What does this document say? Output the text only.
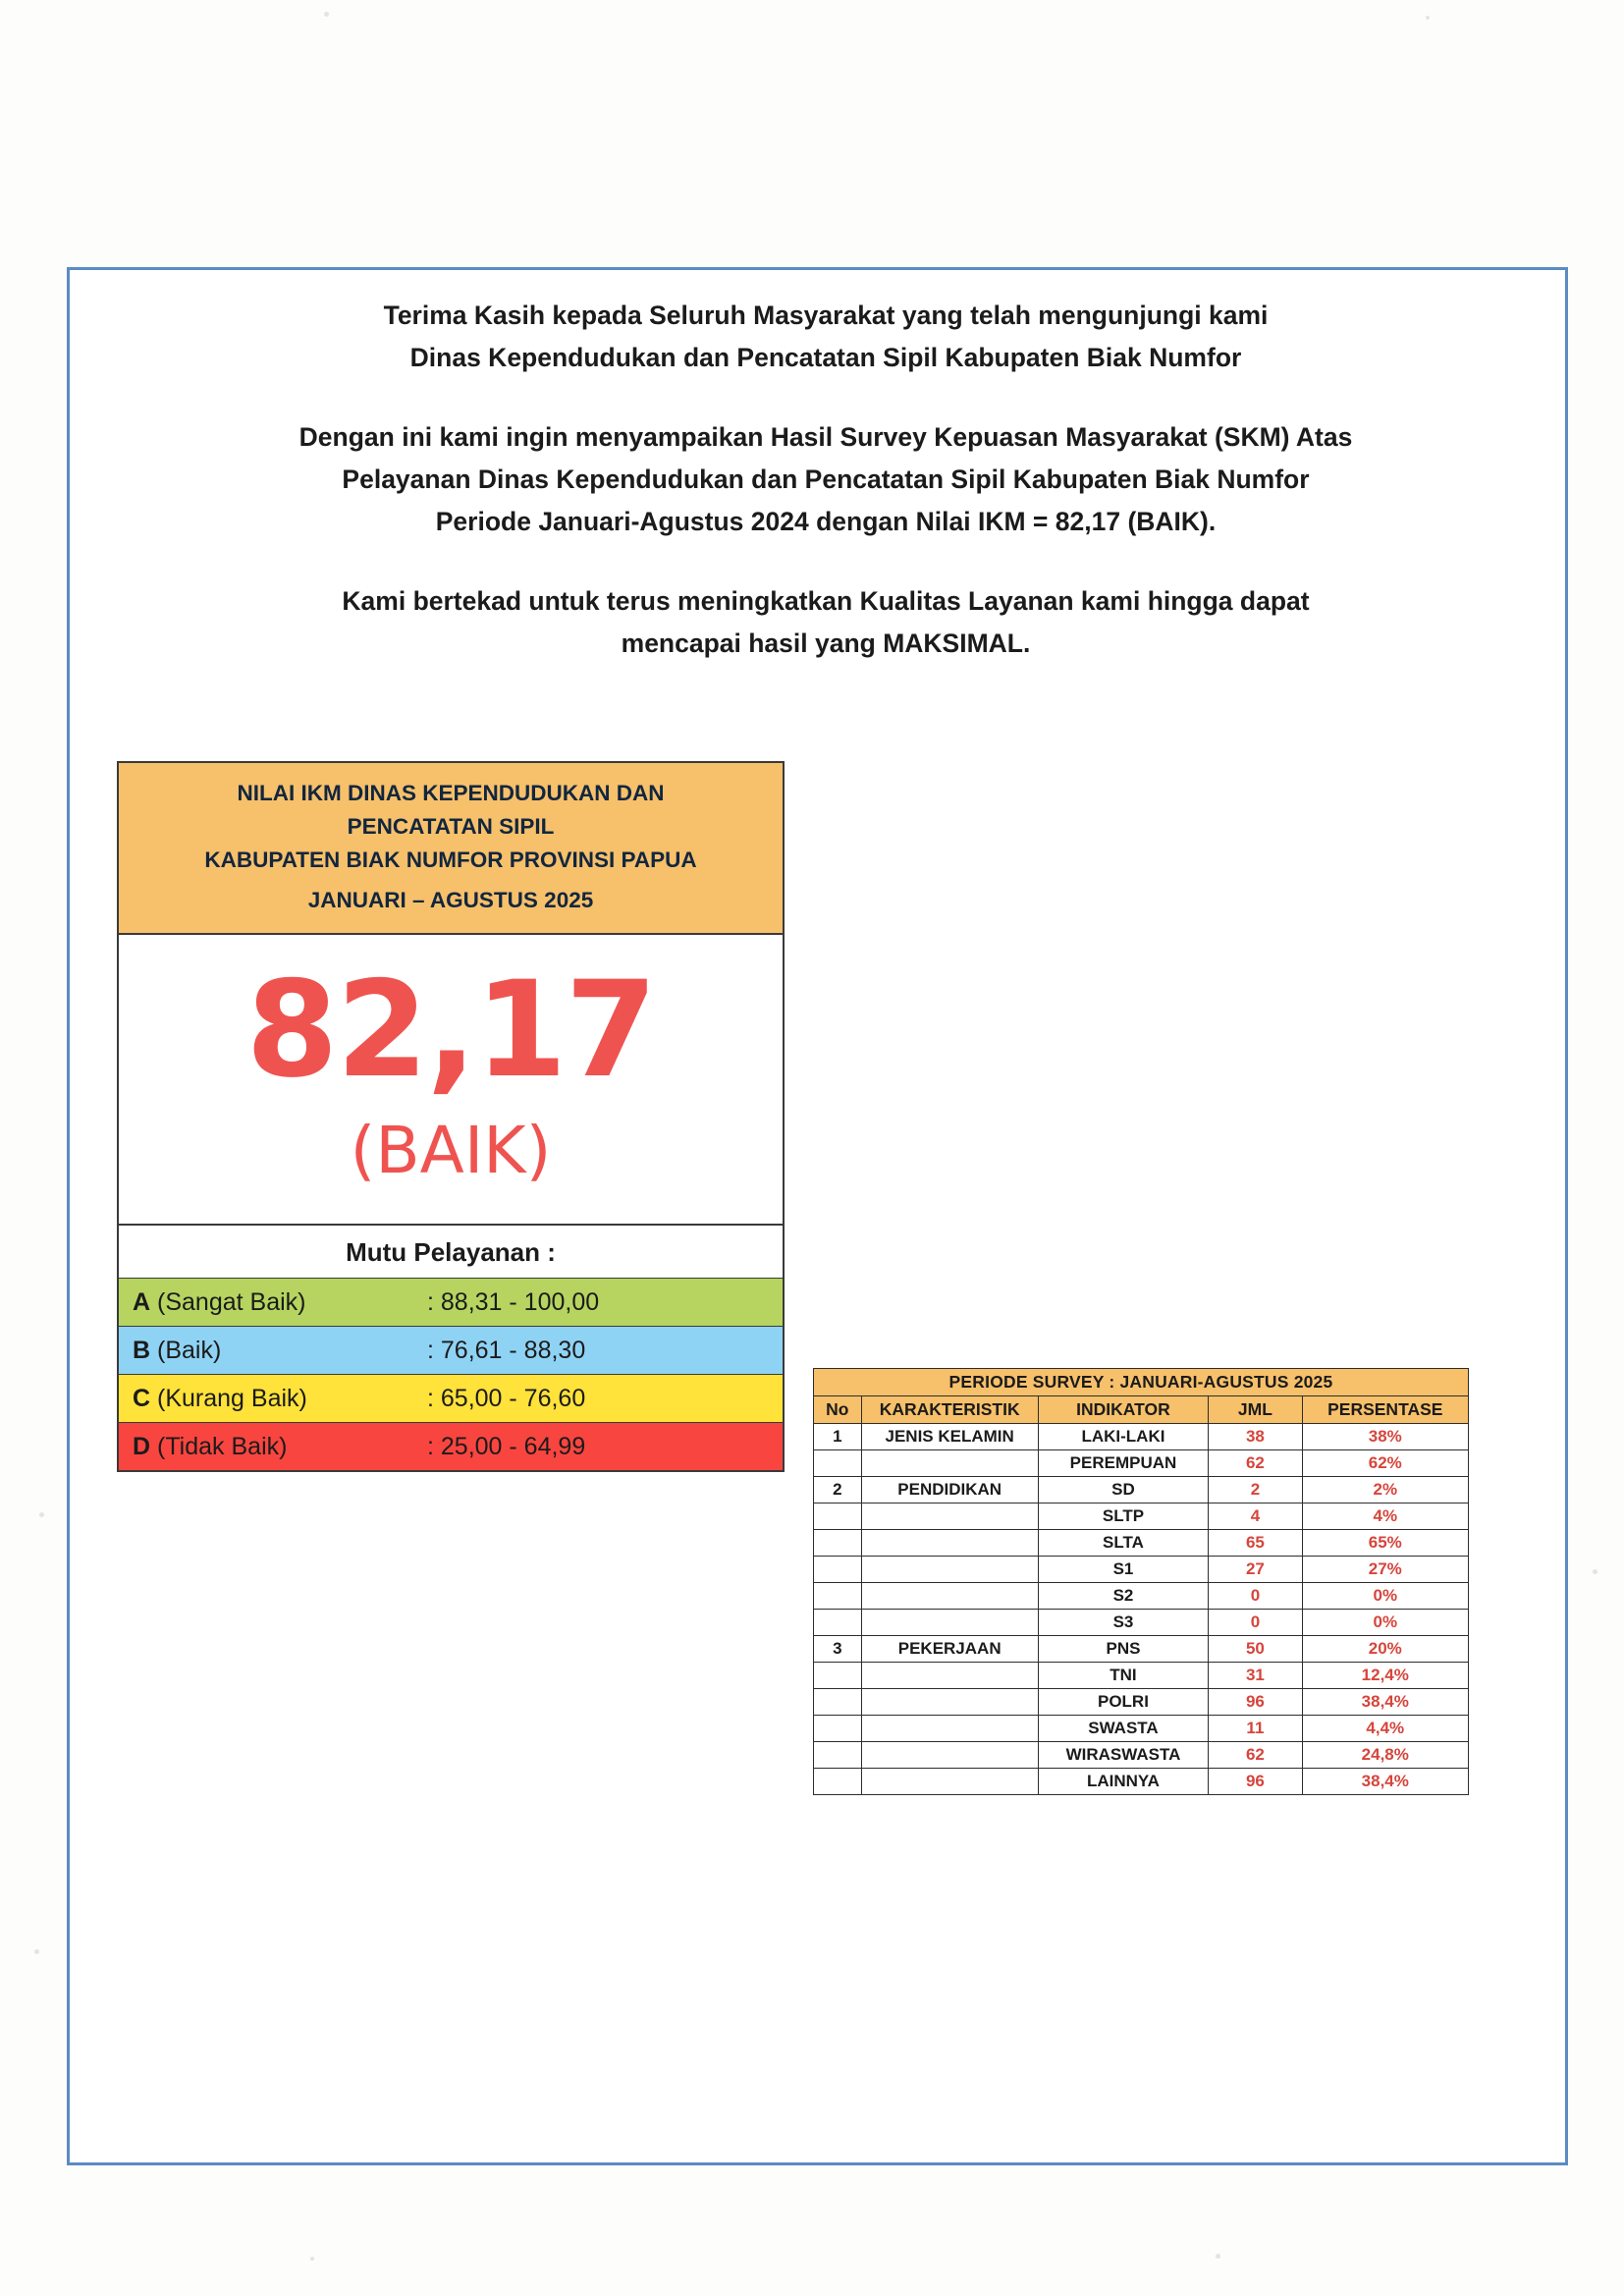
Terima Kasih kepada Seluruh Masyarakat yang telah mengunjungi kami

Dinas Kependudukan dan Pencatatan Sipil Kabupaten Biak Numfor

Dengan ini kami ingin menyampaikan Hasil Survey Kepuasan Masyarakat (SKM) Atas

Pelayanan Dinas Kependudukan dan Pencatatan Sipil Kabupaten Biak Numfor

Periode Januari-Agustus 2024 dengan Nilai IKM = 82,17 (BAIK).

Kami bertekad untuk terus meningkatkan Kualitas Layanan kami hingga dapat

mencapai hasil yang MAKSIMAL.

NILAI IKM DINAS KEPENDUDUKAN DAN
PENCATATAN SIPIL
KABUPATEN BIAK NUMFOR PROVINSI PAPUA
JANUARI – AGUSTUS 2025
82,17
(BAIK)
Mutu Pelayanan :
A (Sangat Baik)	: 88,31 - 100,00
B (Baik)	: 76,61 - 88,30
C (Kurang Baik)	: 65,00 - 76,60
D (Tidak Baik)	: 25,00 - 64,99
PERIODE SURVEY : JANUARI-AGUSTUS 2025				
No	KARAKTERISTIK	INDIKATOR	JML	PERSENTASE
1	JENIS KELAMIN	LAKI-LAKI	38	38%
		PEREMPUAN	62	62%
2	PENDIDIKAN	SD	2	2%
		SLTP	4	4%
		SLTA	65	65%
		S1	27	27%
		S2	0	0%
		S3	0	0%
3	PEKERJAAN	PNS	50	20%
		TNI	31	12,4%
		POLRI	96	38,4%
		SWASTA	11	4,4%
		WIRASWASTA	62	24,8%
		LAINNYA	96	38,4%
